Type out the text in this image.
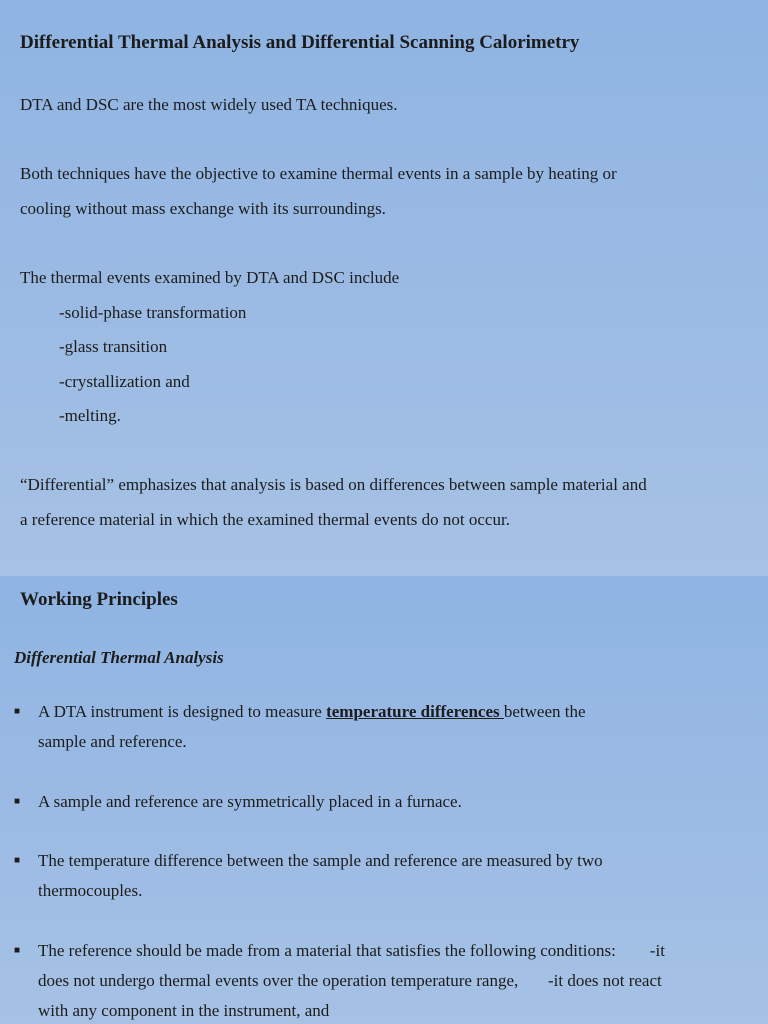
Differential Thermal Analysis and Differential Scanning Calorimetry
DTA and DSC are the most widely used TA techniques.
Both techniques have the objective to examine thermal events in a sample by heating or
cooling without mass exchange with its surroundings.
The thermal events examined by DTA and DSC include
-solid-phase transformation
-glass transition
-crystallization and
-melting.
“Differential” emphasizes that analysis is based on differences between sample material and
a reference material in which the examined thermal events do not occur.
Working Principles
Differential Thermal Analysis
■ A DTA instrument is designed to measure temperature differences between the
sample and reference.
■ A sample and reference are symmetrically placed in a furnace.
■ The temperature difference between the sample and reference are measured by two
thermocouples.
■ The reference should be made from a material that satisfies the following conditions:        -it
does not undergo thermal events over the operation temperature range,       -it does not react
with any component in the instrument, and
